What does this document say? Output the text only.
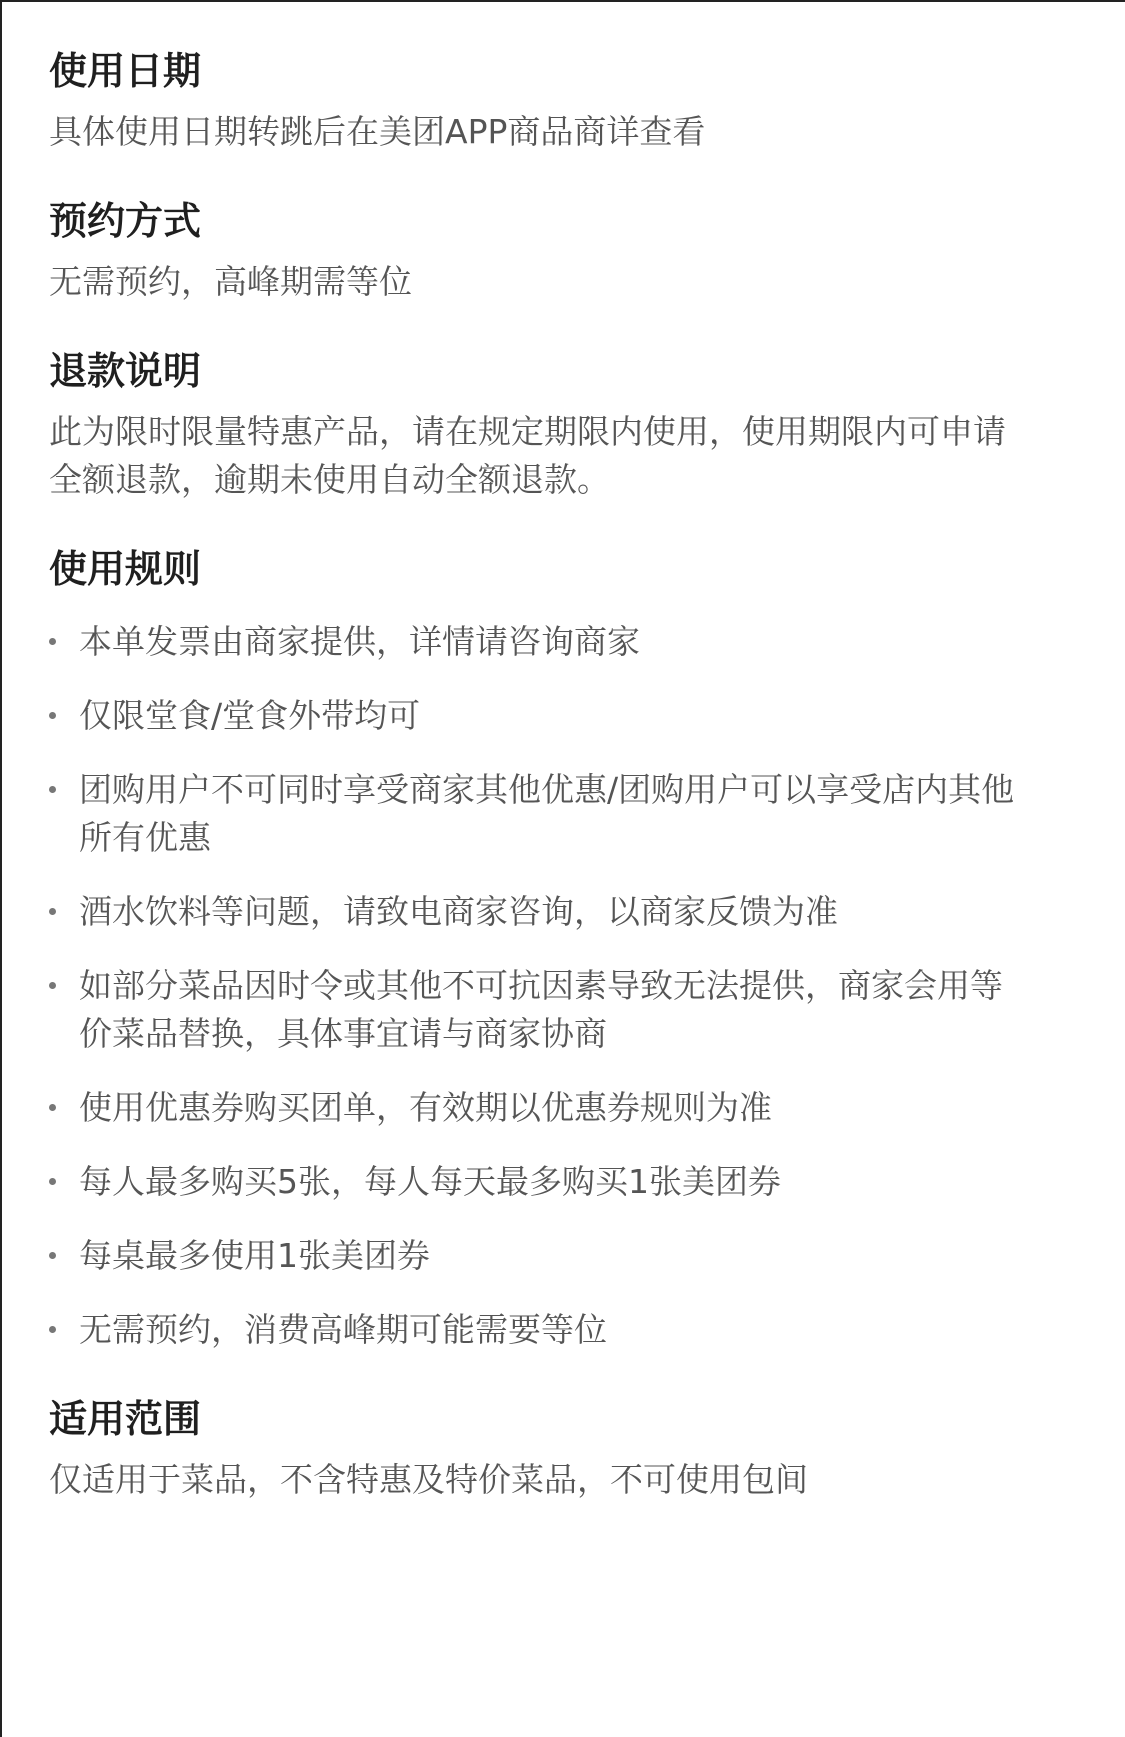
使用日期

具体使用日期转跳后在美团APP商品商详查看

预约方式

无需预约，高峰期需等位

退款说明

此为限时限量特惠产品，请在规定期限内使用，使用期限内可申请全额退款，逾期未使用自动全额退款。

使用规则
本单发票由商家提供，详情请咨询商家
仅限堂食/堂食外带均可
团购用户不可同时享受商家其他优惠/团购用户可以享受店内其他所有优惠
酒水饮料等问题，请致电商家咨询，以商家反馈为准
如部分菜品因时令或其他不可抗因素导致无法提供，商家会用等价菜品替换，具体事宜请与商家协商
使用优惠券购买团单，有效期以优惠券规则为准
每人最多购买5张，每人每天最多购买1张美团券
每桌最多使用1张美团券
无需预约，消费高峰期可能需要等位
适用范围

仅适用于菜品，不含特惠及特价菜品，不可使用包间
